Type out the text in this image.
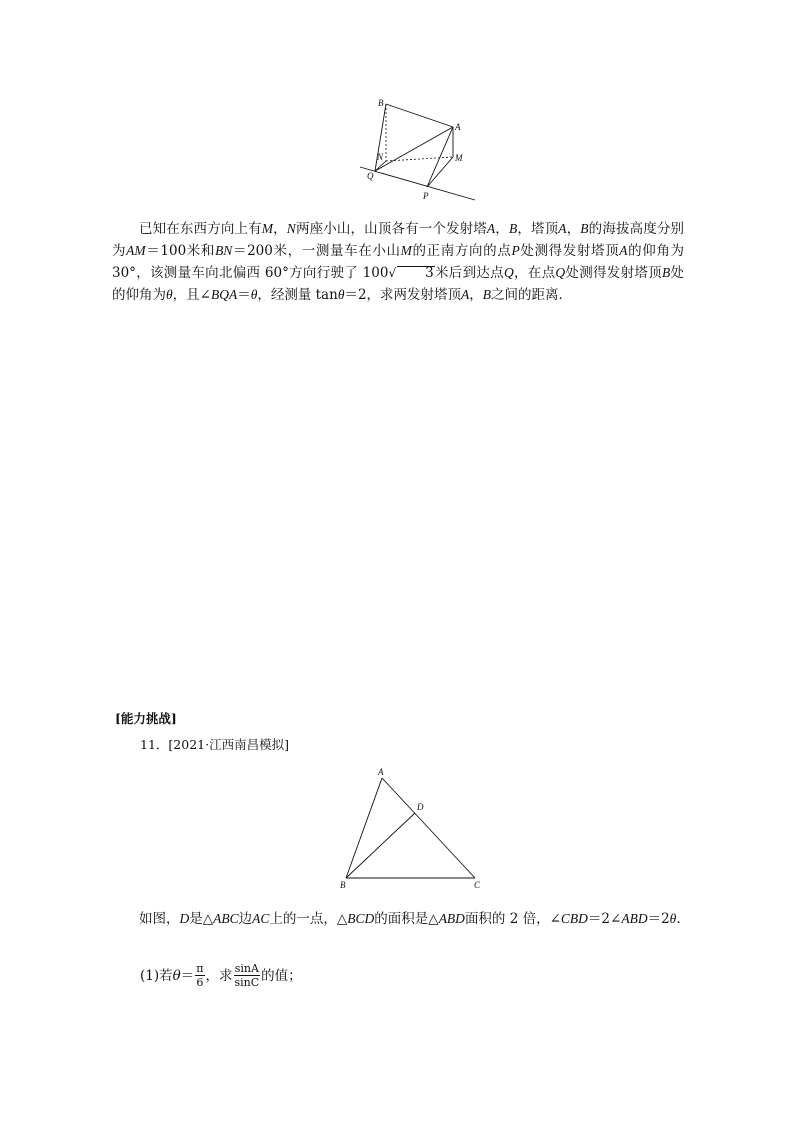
B
A
N	M
Q
P

已知在东西方向上有M，N两座小山，山顶各有一个发射塔A，B，塔顶A，B的海拔高度分别为AM＝100米和BN＝200米，一测量车在小山M的正南方向的点P处测得发射塔顶A的仰角为 30°，该测量车向北偏西 60°方向行驶了 100√ 3米后到达点Q，在点Q处测得发射塔顶B处的仰角为θ，且∠BQA＝θ，经测量 tanθ＝2，求两发射塔顶A，B之间的距离．

[能力挑战]

11．[2021·江西南昌模拟]

A
D
B	C

如图，D是△ABC边AC上的一点，△BCD的面积是△ABD面积的 2 倍，∠CBD＝2∠ABD＝2θ.

(1)若 $\theta = \frac{\pi}{6}$ ，求 $\frac{\sin A}{\sin C}$ 的值；
